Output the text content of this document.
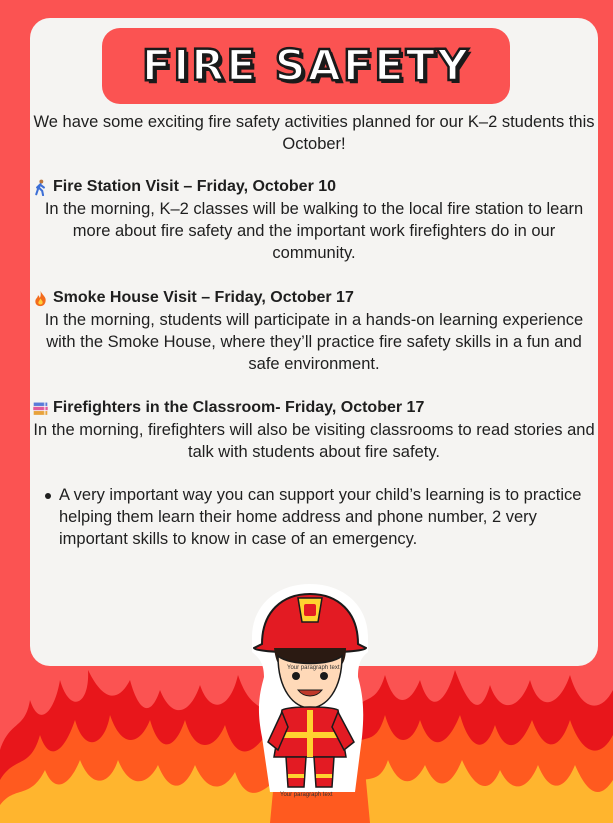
FIRE SAFETY
We have some exciting fire safety activities planned for our K–2 students this October!
Fire Station Visit – Friday, October 10
In the morning, K–2 classes will be walking to the local fire station to learn more about fire safety and the important work firefighters do in our community.
Smoke House Visit – Friday, October 17
In the morning, students will participate in a hands-on learning experience with the Smoke House, where they’ll practice fire safety skills in a fun and safe environment.
Firefighters in the Classroom- Friday, October 17
In the morning, firefighters will also be visiting classrooms to read stories and talk with students about fire safety.
A very important way you can support your child’s learning is to practice helping them learn their home address and phone number, 2 very important skills to know in case of an emergency.
Your paragraph text
Your paragraph text
